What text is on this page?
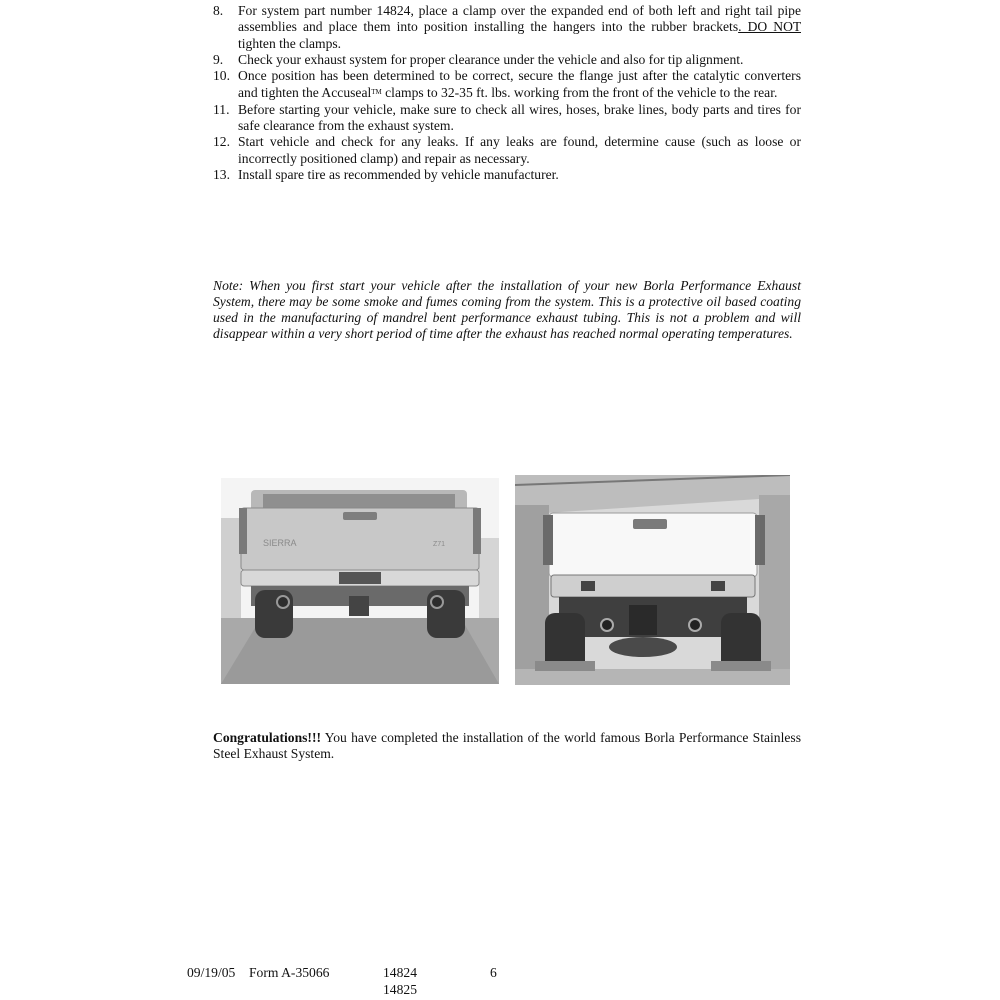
8.	For system part number 14824, place a clamp over the expanded end of both left and right tail pipe assemblies and place them into position installing the hangers into the rubber brackets. DO NOT tighten the clamps.

9.	Check your exhaust system for proper clearance under the vehicle and also for tip alignment.

10. Once position has been determined to be correct, secure the flange just after the catalytic converters and tighten the Accuseal™ clamps to 32-35 ft. lbs. working from the front of the vehicle to the rear.

11. Before starting your vehicle, make sure to check all wires, hoses, brake lines, body parts and tires for safe clearance from the exhaust system.

12. Start vehicle and check for any leaks. If any leaks are found, determine cause (such as loose or incorrectly positioned clamp) and repair as necessary.

13. Install spare tire as recommended by vehicle manufacturer.

Note: When you first start your vehicle after the installation of your new Borla Performance Exhaust System, there may be some smoke and fumes coming from the system. This is a protective oil based coating used in the manufacturing of mandrel bent performance exhaust tubing. This is not a problem and will disappear within a very short period of time after the exhaust has reached normal operating temperatures.

SIERRA	Z71

Congratulations!!! You have completed the installation of the world famous Borla Performance Stainless Steel Exhaust System.

09/19/05 Form A-35066	14824
14825
6
